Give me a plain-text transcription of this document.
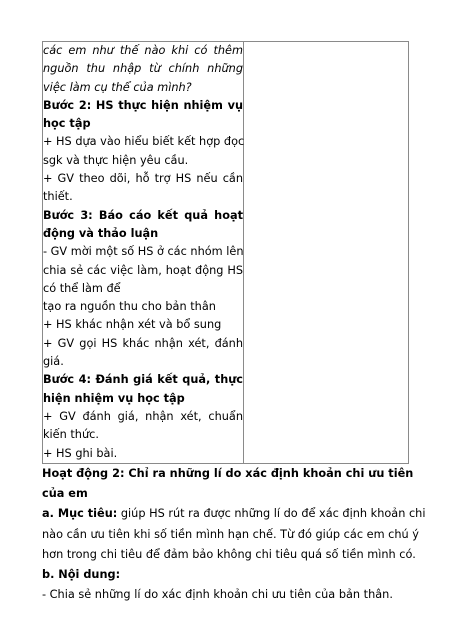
các em như thế nào khi có thêm
nguồn thu nhập từ chính những
việc làm cụ thể của mình?
Bước 2: HS thực hiện nhiệm vụ
học tập
+ HS dựa vào hiểu biết kết hợp đọc
sgk và thực hiện yêu cầu.
+ GV theo dõi, hỗ trợ HS nếu cần
thiết.
Bước 3: Báo cáo kết quả hoạt
động và thảo luận
- GV mời một số HS ở các nhóm lên
chia sẻ các việc làm, hoạt động HS
có thể làm để
tạo ra nguồn thu cho bản thân
+ HS khác nhận xét và bổ sung
+ GV gọi HS khác nhận xét, đánh
giá.
Bước 4: Đánh giá kết quả, thực
hiện nhiệm vụ học tập
+ GV đánh giá, nhận xét, chuẩn
kiến thức.
+ HS ghi bài.

Hoạt động 2: Chỉ ra những lí do xác định khoản chi ưu tiên
của em
a. Mục tiêu: giúp HS rút ra được những lí do để xác định khoản chi
nào cần ưu tiên khi số tiền mình hạn chế. Từ đó giúp các em chú ý
hơn trong chi tiêu để đảm bảo không chi tiêu quá số tiền mình có.
b. Nội dung:
- Chia sẻ những lí do xác định khoản chi ưu tiên của bản thân.
